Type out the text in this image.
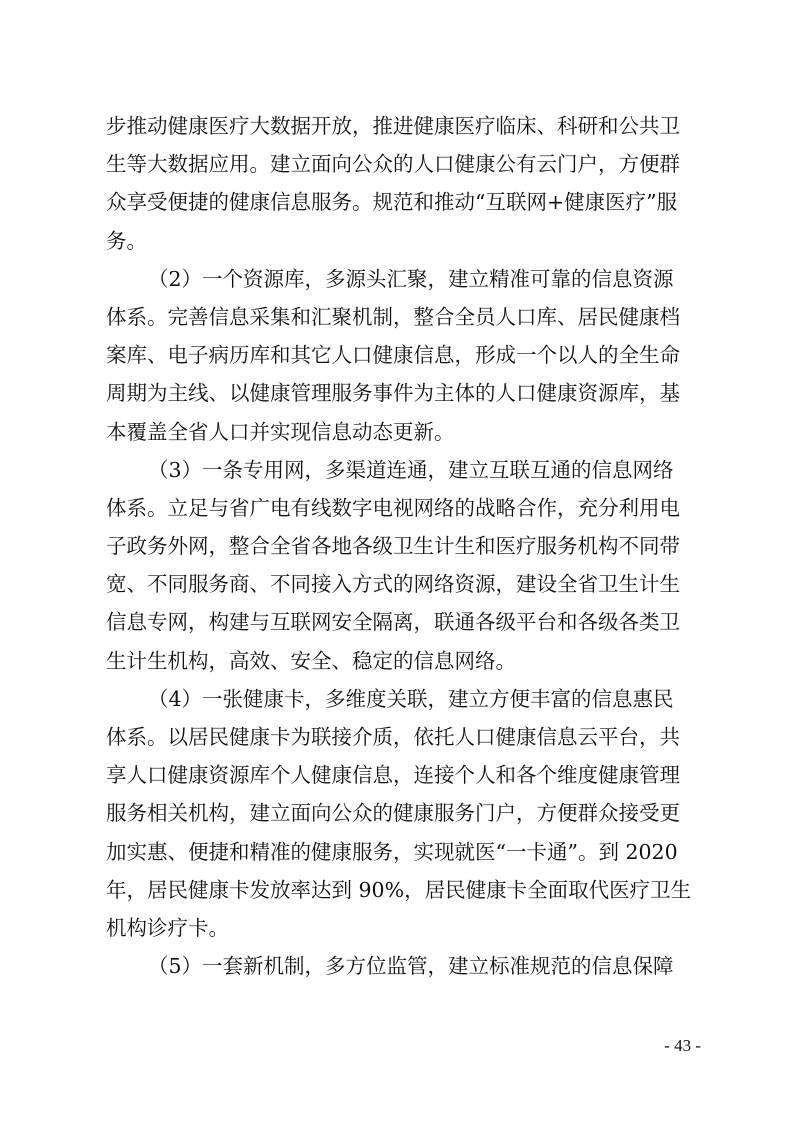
步推动健康医疗大数据开放，推进健康医疗临床、科研和公共卫
生等大数据应用。建立面向公众的人口健康公有云门户，方便群
众享受便捷的健康信息服务。规范和推动“互联网+健康医疗”服
务。
（2）一个资源库，多源头汇聚，建立精准可靠的信息资源
体系。完善信息采集和汇聚机制，整合全员人口库、居民健康档
案库、电子病历库和其它人口健康信息，形成一个以人的全生命
周期为主线、以健康管理服务事件为主体的人口健康资源库，基
本覆盖全省人口并实现信息动态更新。
（3）一条专用网，多渠道连通，建立互联互通的信息网络
体系。立足与省广电有线数字电视网络的战略合作，充分利用电
子政务外网，整合全省各地各级卫生计生和医疗服务机构不同带
宽、不同服务商、不同接入方式的网络资源，建设全省卫生计生
信息专网，构建与互联网安全隔离，联通各级平台和各级各类卫
生计生机构，高效、安全、稳定的信息网络。
（4）一张健康卡，多维度关联，建立方便丰富的信息惠民
体系。以居民健康卡为联接介质，依托人口健康信息云平台，共
享人口健康资源库个人健康信息，连接个人和各个维度健康管理
服务相关机构，建立面向公众的健康服务门户，方便群众接受更
加实惠、便捷和精准的健康服务，实现就医“一卡通”。到 2020
年，居民健康卡发放率达到 90%，居民健康卡全面取代医疗卫生
机构诊疗卡。
（5）一套新机制，多方位监管，建立标准规范的信息保障
- 43 -
